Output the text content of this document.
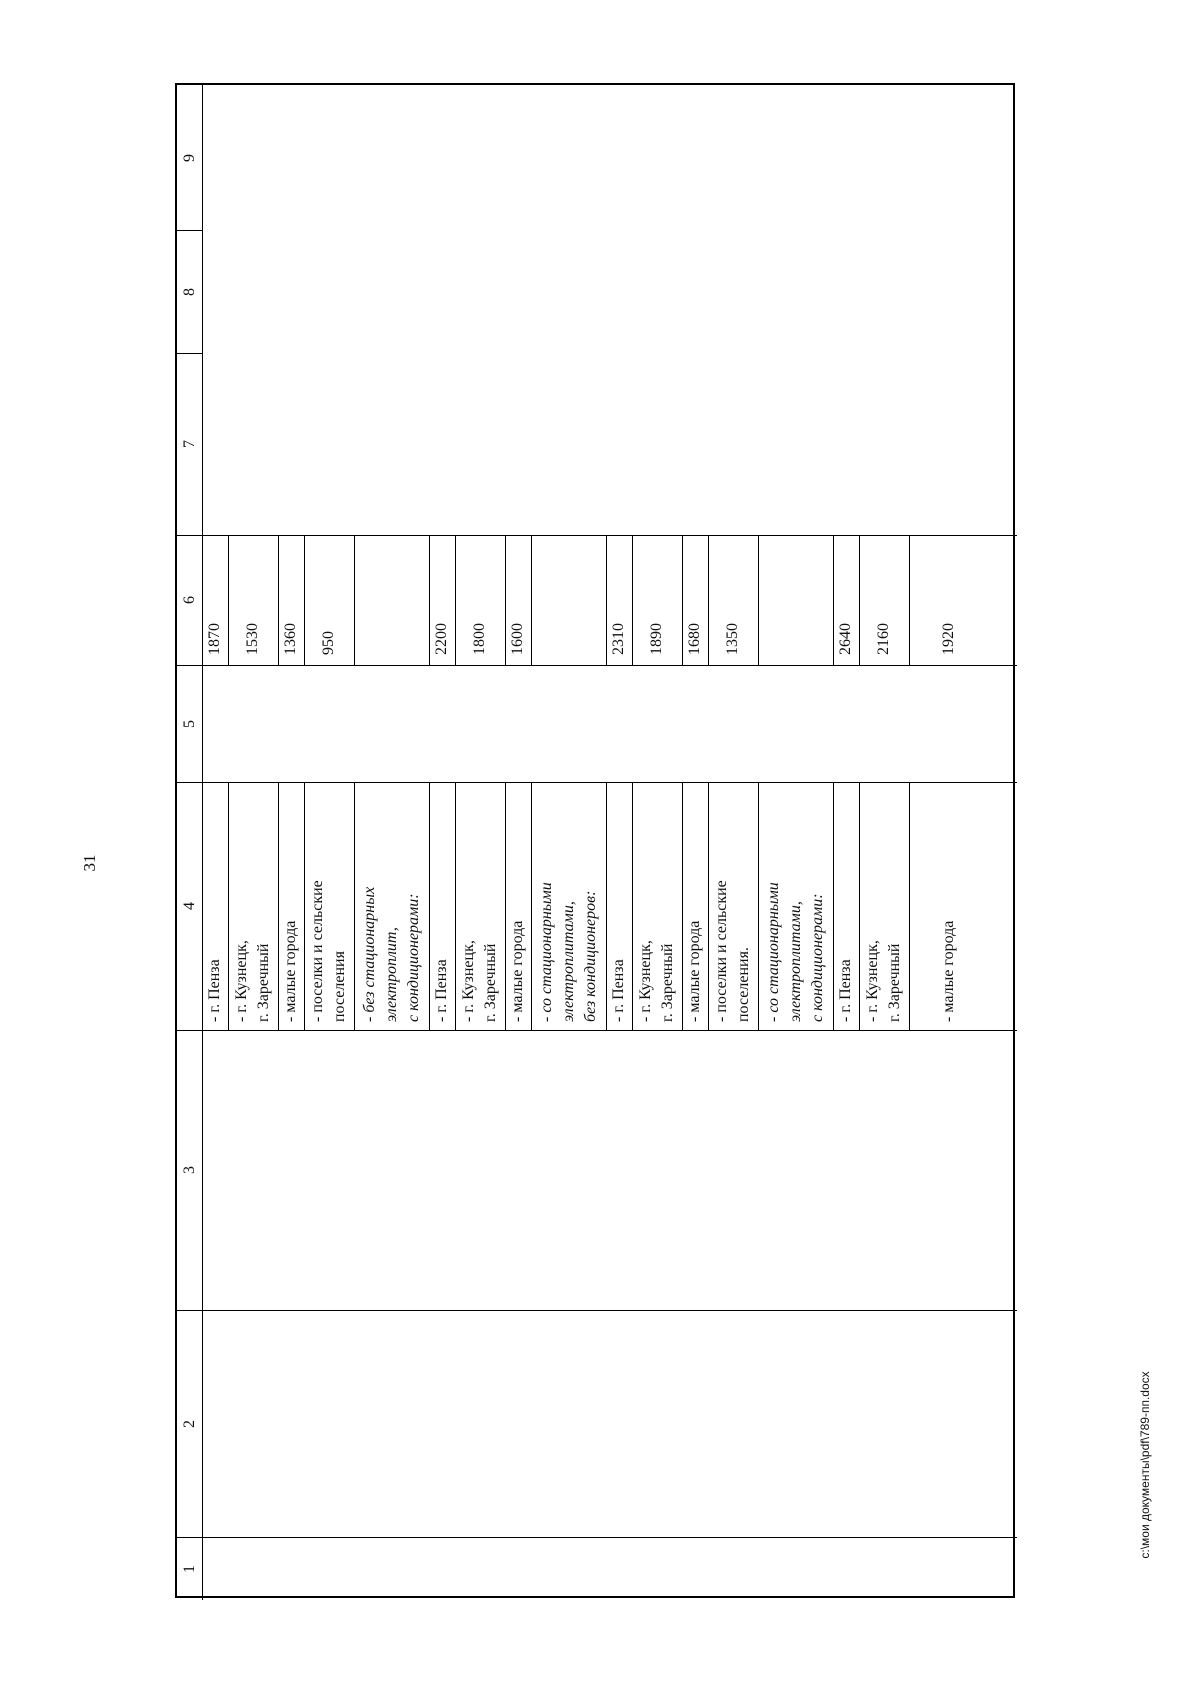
31
c:\мои документы\pdf\789-пп.docx
1
2
3
4
5
6
7
8
9
- г. Пенза
1870
- г. Кузнецк,
г. Заречный
1530
- малые города
1360
- поселки и сельские
поселения
950
- без стационарных
электроплит,
с кондиционерами: - г. Пенза
2200
- г. Кузнецк,
г. Заречный
1800
- малые города
1600
- со стационарными
электроплитами,
без кондиционеров: - г. Пенза
2310
- г. Кузнецк,
г. Заречный
1890
- малые города
1680
- поселки и сельские
поселения.
1350
- со стационарными
электроплитами,
с кондиционерами: - г. Пенза
2640
- г. Кузнецк,
г. Заречный
2160
- малые города
1920
